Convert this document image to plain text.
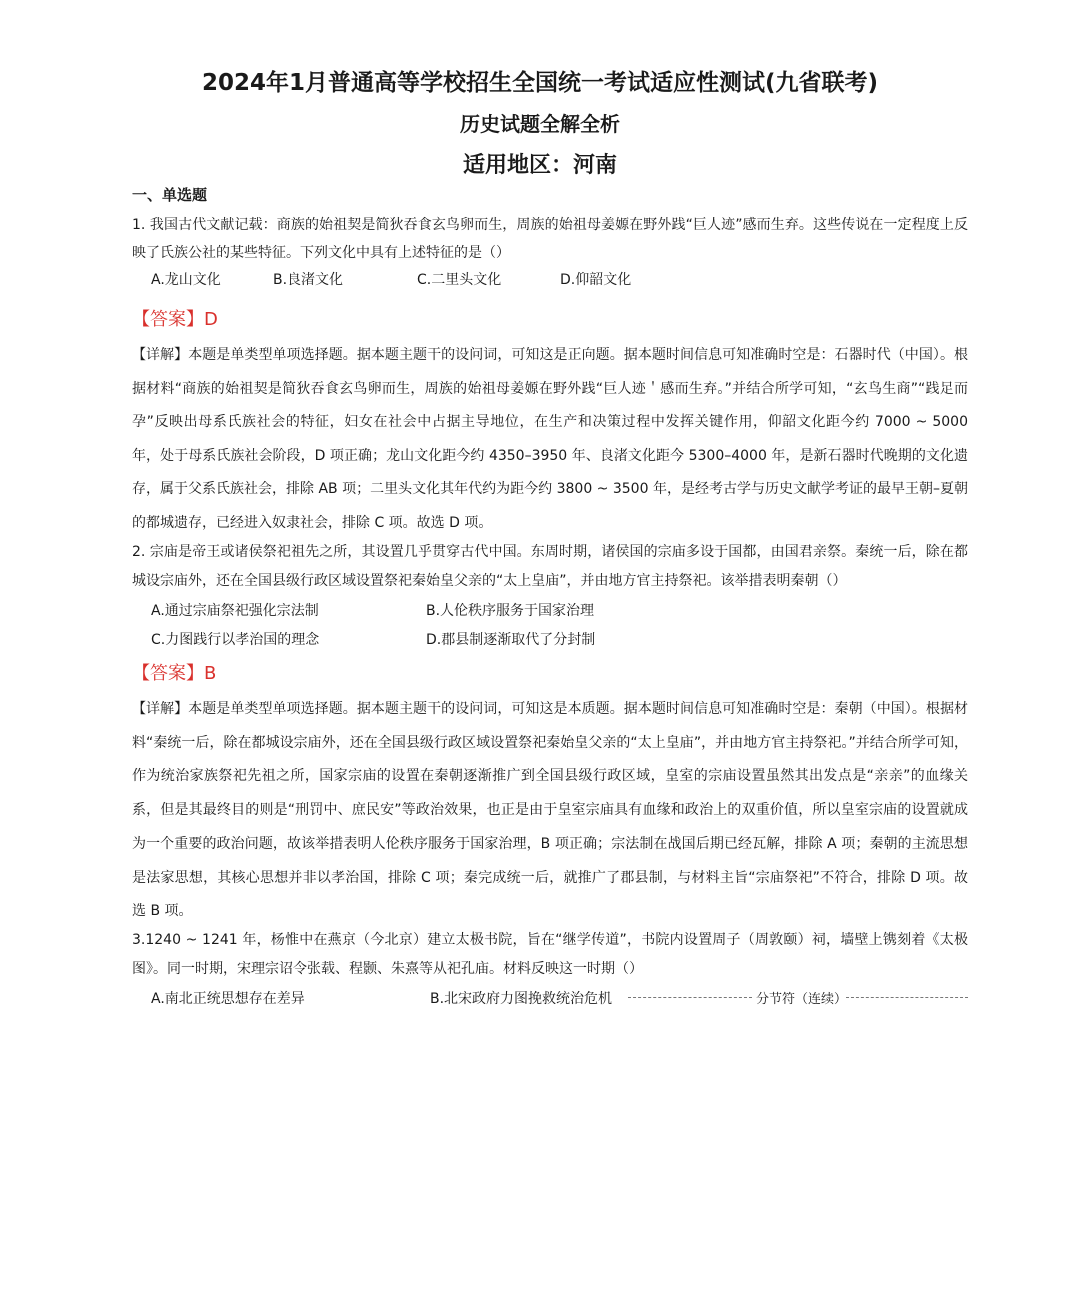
2024年1月普通高等学校招生全国统一考试适应性测试(九省联考)
历史试题全解全析
适用地区：河南
一、单选题
1. 我国古代文献记载：商族的始祖契是简狄吞食玄鸟卵而生，周族的始祖母姜嫄在野外践“巨人迹”感而生弃。这些传说在一定程度上反映了氏族公社的某些特征。下列文化中具有上述特征的是（）
A.龙山文化	B.良渚文化	C.二里头文化	D.仰韶文化
【答案】D
【详解】本题是单类型单项选择题。据本题主题干的设问词，可知这是正向题。据本题时间信息可知准确时空是：石器时代（中国）。根据材料“商族的始祖契是简狄吞食玄鸟卵而生，周族的始祖母姜嫄在野外践“巨人迹＇感而生弃。”并结合所学可知，“玄鸟生商”“践足而孕”反映出母系氏族社会的特征，妇女在社会中占据主导地位，在生产和决策过程中发挥关键作用，仰韶文化距今约 7000 ~ 5000 年，处于母系氏族社会阶段，D 项正确；龙山文化距今约 4350–3950 年、良渚文化距今 5300–4000 年，是新石器时代晚期的文化遗存，属于父系氏族社会，排除 AB 项；二里头文化其年代约为距今约 3800 ~ 3500 年，是经考古学与历史文献学考证的最早王朝–夏朝的都城遗存，已经进入奴隶社会，排除 C 项。故选 D 项。
2. 宗庙是帝王或诸侯祭祀祖先之所，其设置几乎贯穿古代中国。东周时期，诸侯国的宗庙多设于国都，由国君亲祭。秦统一后，除在都城设宗庙外，还在全国县级行政区域设置祭祀秦始皇父亲的“太上皇庙”，并由地方官主持祭祀。该举措表明秦朝（）
A.通过宗庙祭祀强化宗法制	B.人伦秩序服务于国家治理
C.力图践行以孝治国的理念	D.郡县制逐渐取代了分封制
【答案】B
【详解】本题是单类型单项选择题。据本题主题干的设问词，可知这是本质题。据本题时间信息可知准确时空是：秦朝（中国）。根据材料“秦统一后，除在都城设宗庙外，还在全国县级行政区域设置祭祀秦始皇父亲的“太上皇庙”，并由地方官主持祭祀。”并结合所学可知，作为统治家族祭祀先祖之所，国家宗庙的设置在秦朝逐渐推广到全国县级行政区域，皇室的宗庙设置虽然其出发点是“亲亲”的血缘关系，但是其最终目的则是“刑罚中、庶民安”等政治效果，也正是由于皇室宗庙具有血缘和政治上的双重价值，所以皇室宗庙的设置就成为一个重要的政治问题，故该举措表明人伦秩序服务于国家治理，B 项正确；宗法制在战国后期已经瓦解，排除 A 项；秦朝的主流思想是法家思想，其核心思想并非以孝治国，排除 C 项；秦完成统一后，就推广了郡县制，与材料主旨“宗庙祭祀”不符合，排除 D 项。故选 B 项。
3.1240 ~ 1241 年，杨惟中在燕京（今北京）建立太极书院，旨在“继学传道”，书院内设置周子（周敦颐）祠，墙壁上镌刻着《太极图》。同一时期，宋理宗诏令张载、程颢、朱熹等从祀孔庙。材料反映这一时期（）
A.南北正统思想存在差异	B.北宋政府力图挽救统治危机	分节符（连续）
